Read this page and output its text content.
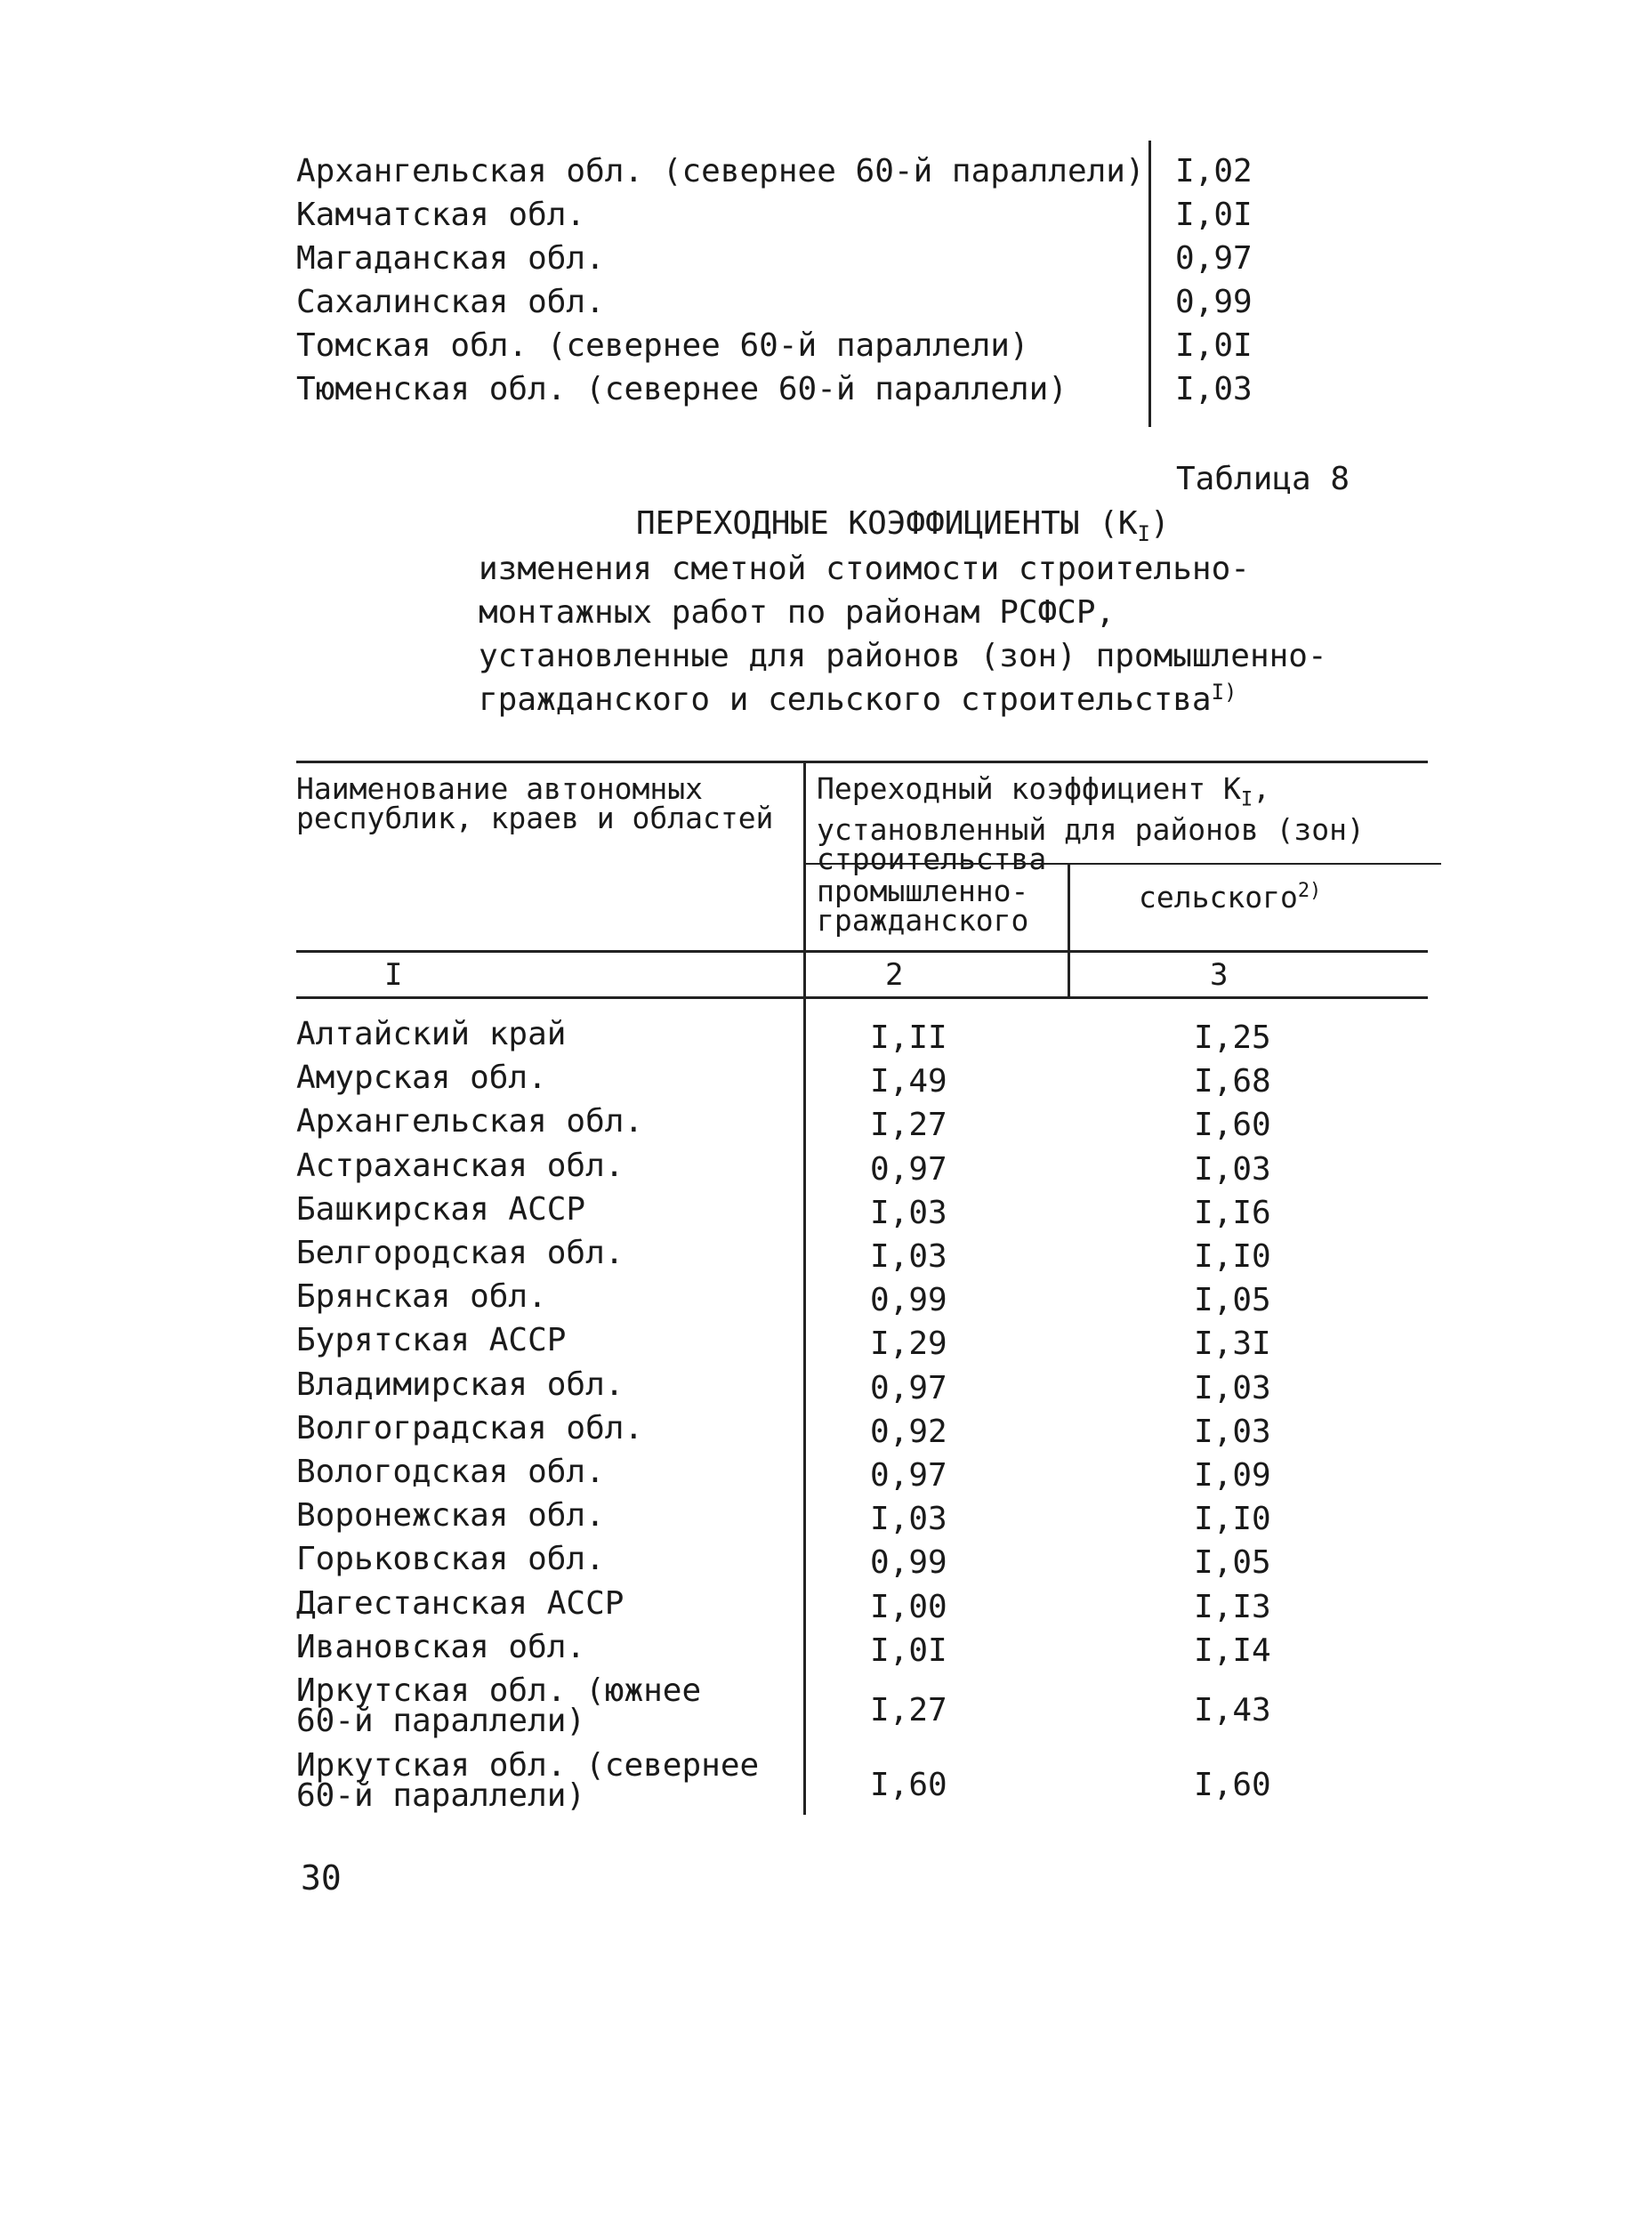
Архангельская обл. (севернее 60-й параллели) I,02
Камчатская обл.	I,0I
Магаданская обл.	0,97
Сахалинская обл.	0,99
Томская обл. (севернее 60-й параллели)	I,0I
Тюменская обл. (севернее 60-й параллели)	I,03
Таблица 8
ПЕРЕХОДНЫЕ КОЭФФИЦИЕНТЫ $(К_I)$
изменения сметной стоимости строительно-монтажных работ по районам РСФСР, установленные для районов (зон) промышленно-гражданского и сельского строительства$^{I)}$
Наименование автономных республик, краев и областей
Переходный коэффициент $К_I$, установленный для районов (зон) строительства
промышленно-гражданского
сельского$^{2)}$
I	2	3
Алтайский край	I,II	I,25
Амурская обл.	I,49	I,68
Архангельская обл.	I,27	I,60
Астраханская обл.	0,97	I,03
Башкирская АССР	I,03	I,I6
Белгородская обл.	I,03	I,I0
Брянская обл.	0,99	I,05
Бурятская АССР	I,29	I,3I
Владимирская обл.	0,97	I,03
Волгоградская обл.	0,92	I,03
Вологодская обл.	0,97	I,09
Воронежская обл.	I,03	I,I0
Горьковская обл.	0,99	I,05
Дагестанская АССР	I,00	I,I3
Ивановская обл.	I,0I	I,I4
Иркутская обл. (южнее
60-й параллели)	I,27	I,43
Иркутская обл. (севернее
60-й параллели)	I,60	I,60
30
